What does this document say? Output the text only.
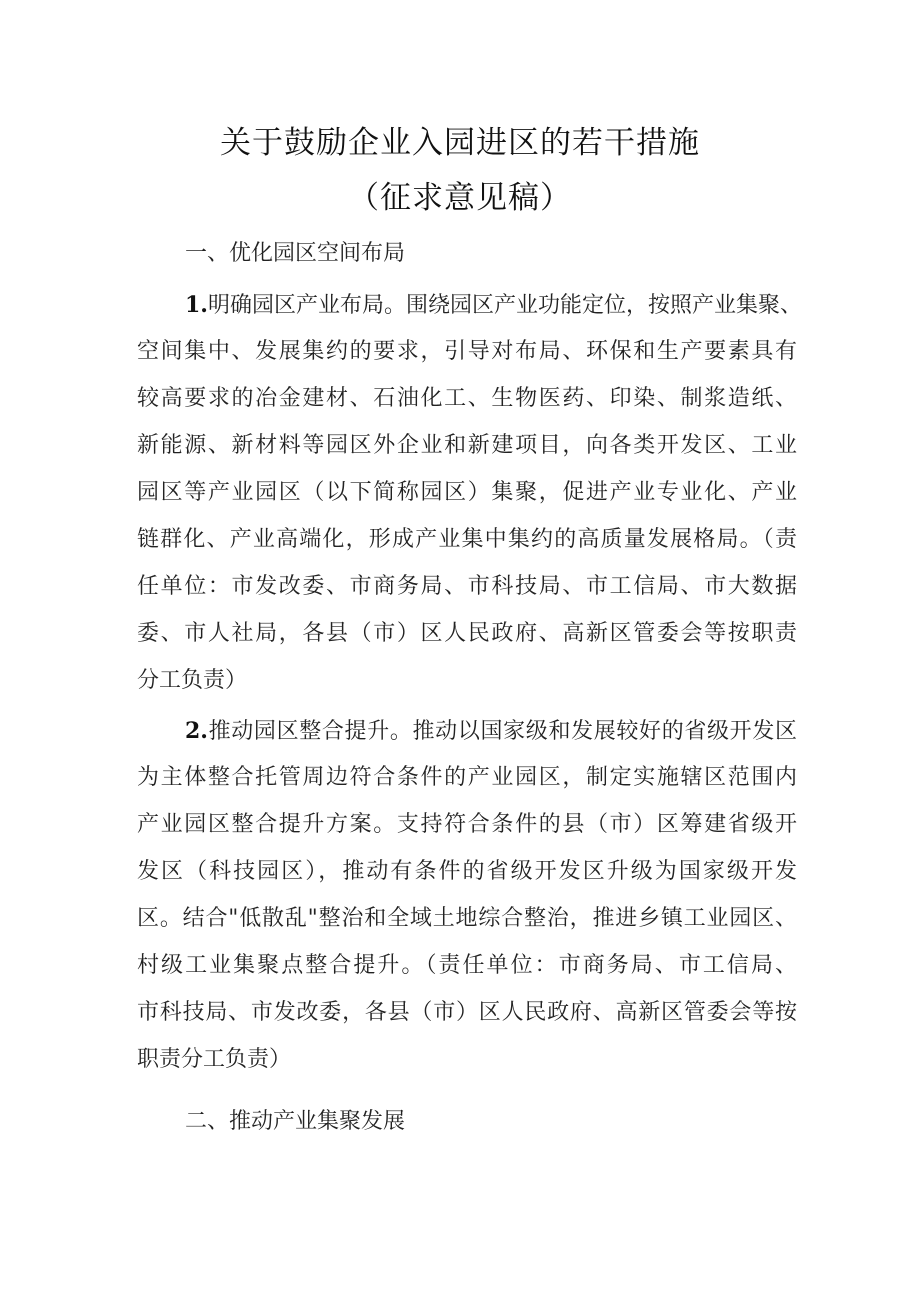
关于鼓励企业入园进区的若干措施
（征求意见稿）
一、优化园区空间布局
1.明确园区产业布局。围绕园区产业功能定位，按照产业集聚、
空间集中、发展集约的要求，引导对布局、环保和生产要素具有
较高要求的冶金建材、石油化工、生物医药、印染、制浆造纸、
新能源、新材料等园区外企业和新建项目，向各类开发区、工业
园区等产业园区（以下简称园区）集聚，促进产业专业化、产业
链群化、产业高端化，形成产业集中集约的高质量发展格局。（责
任单位：市发改委、市商务局、市科技局、市工信局、市大数据
委、市人社局，各县（市）区人民政府、高新区管委会等按职责
分工负责）
2.推动园区整合提升。推动以国家级和发展较好的省级开发区
为主体整合托管周边符合条件的产业园区，制定实施辖区范围内
产业园区整合提升方案。支持符合条件的县（市）区筹建省级开
发区（科技园区），推动有条件的省级开发区升级为国家级开发
区。结合"低散乱"整治和全域土地综合整治，推进乡镇工业园区、
村级工业集聚点整合提升。（责任单位：市商务局、市工信局、
市科技局、市发改委，各县（市）区人民政府、高新区管委会等按
职责分工负责）
二、推动产业集聚发展
